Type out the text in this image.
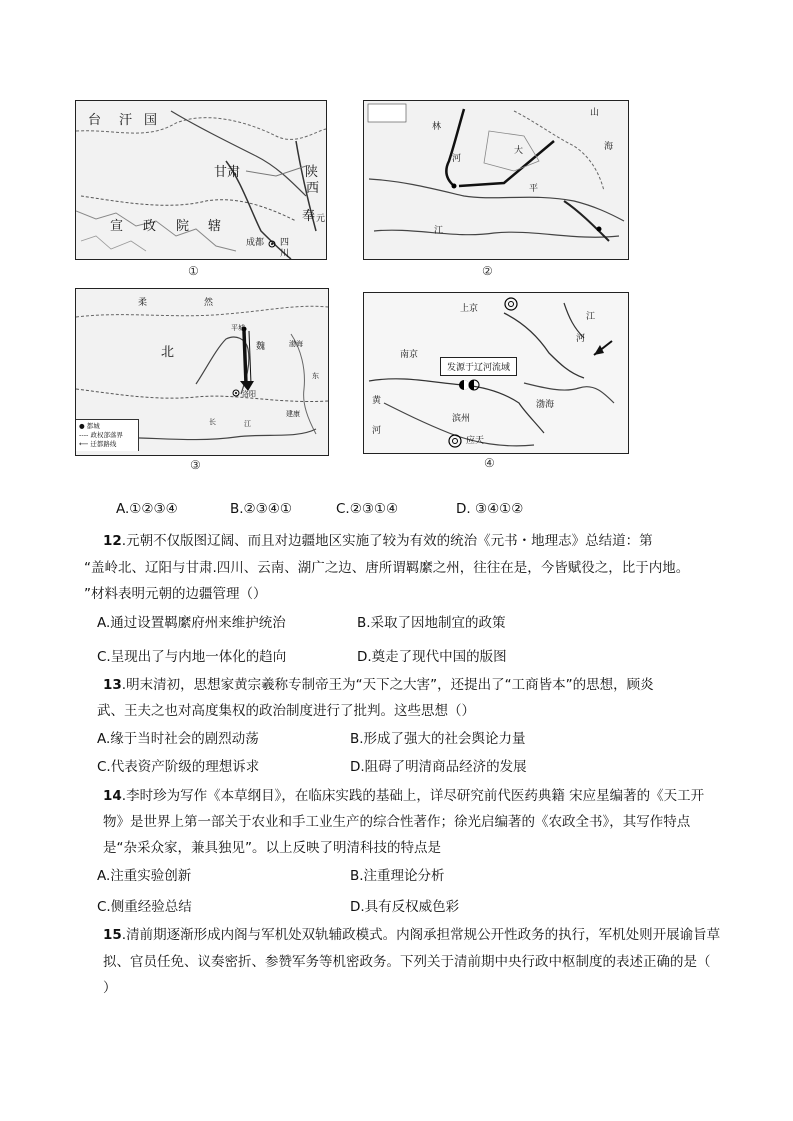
台 汗 国
甘肃	陕
西
宣 政 院 辖
奉 元
成都 四
川
①
山
林
河
大
平
海
江
②
柔	然
北
平城
魏	渤海
洛阳
东
长	江
建康
● 都城
---- 政权部落界
⟵ 迁都路线
③
上京
江
河
南京
发源于辽河流域
渤海
黄
河
滨州
应天
④
A.①②③④	B.②③④①	C.②③①④	D. ③④①②
12.元朝不仅版图辽阔、而且对边疆地区实施了较为有效的统治《元书・地理志》总结道：第
“盖岭北、辽阳与甘肃.四川、云南、湖广之边、唐所谓羁縻之州，往往在是，今皆赋役之，比于内地。
”材料表明元朝的边疆管理（）
A.通过设置羁縻府州来维护统治	B.采取了因地制宜的政策
C.呈现出了与内地一体化的趋向	D.奠走了现代中国的版图
13.明末清初，思想家黄宗羲称专制帝王为“天下之大害”，还提出了“工商皆本”的思想，顾炎
武、王夫之也对高度集权的政治制度进行了批判。这些思想（）
A.缘于当时社会的剧烈动荡	B.形成了强大的社会舆论力量
C.代表资产阶级的理想诉求	D.阻碍了明清商品经济的发展
14.李时珍为写作《本草纲目》，在临床实践的基础上，详尽研究前代医药典籍 宋应星编著的《天工开
物》是世界上第一部关于农业和手工业生产的综合性著作；徐光启编著的《农政全书》，其写作特点
是“杂采众家，兼具独见”。以上反映了明清科技的特点是
A.注重实验创新	B.注重理论分析
C.侧重经验总结	D.具有反权威色彩
15.清前期逐渐形成内阁与军机处双轨辅政模式。内阁承担常规公开性政务的执行，军机处则开展谕旨草
拟、官员任免、议奏密折、参赞军务等机密政务。下列关于清前期中央行政中枢制度的表述正确的是（
）
